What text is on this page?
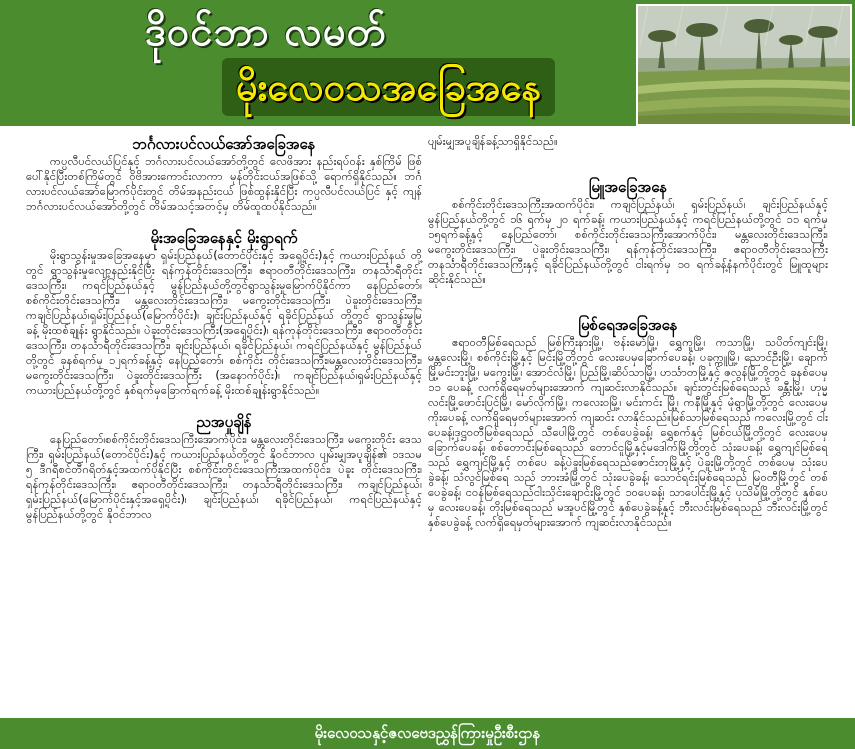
ဒိုဝင်ဘာ လမတ်
မိုးလေဝသအခြေအနေ
ဘင်္ဂလားပင်လယ်အော်အခြေအနေ

ကပ္ပလီပင်လယ်ပြင်နှင့် ဘင်္ဂလားပင်လယ်အော်တို့တွင် လေဖိအား နည်းရပ်ဝန်း နှစ်ကြိမ် ဖြစ်ပေါ်နိုင်ပြီးတစ်ကြိမ်တွင် ဝိုဗိအားကောင်းလာကာ မုန်တိုင်းငယ်အဖြစ်သို့ ရောက်ရှိနိုင်သည်။ ဘင်္ဂလားပင်လယ်အော်မြောက်ပိုင်းတွင် တိမ်အနည်းငယ် ဖြစ်ထွန်းနိုင်ပြီး ကပ္ပလီပင်လယ်ပြင် နှင့် ကျန်ဘင်္ဂလားပင်လယ်အော်တို့တွင် တိမ်အသင့်အတင့်မှ တိမ်ထူထပ်နိုင်သည်။

မိုးအခြေအနေနှင့် မိုးရွာရက်

မိုးရွာသွန်းမှုအခြေအနေမှာ ရှမ်းပြည်နယ်(တောင်ပိုင်းနှင့် အရှေ့ပိုင်း)နှင့် ကယားပြည်နယ် တို့တွင် ရွာသွန်းမှုလျော့နည်းနိုင်ပြီး ရန်ကုန်တိုင်းဒေသကြီး၊ ဧရာဝတီတိုင်းဒေသကြီး၊ တနင်္သာရီတိုင်းဒေသကြီး၊ ကရင်ပြည်နယ်နှင့် မွန်ပြည်နယ်တို့တွင်ရွာသွန်းမှုမြောက်ပိုနိုင်ကာ နေပြည်တော်၊ စစ်ကိုင်းတိုင်းဒေသကြီး၊ မန္တလေးတိုင်းဒေသကြီး၊ မကွေးတိုင်းဒေသကြီး၊ ပဲခူးတိုင်းဒေသကြီး၊ ကချင်ပြည်နယ်၊ရှမ်းပြည်နယ်(မြောက်ပိုင်း)၊ ချင်းပြည်နယ်နှင့် ရခိုင်ပြည်နယ် တို့တွင် ရွာသွန်းမှုမြခန့် မိုးထစ်ချုန်း ရွာနိုင်သည်။ ပဲခူးတိုင်းဒေသကြီး(အရှေ့ပိုင်း)၊ ရန်ကုန်တိုင်းဒေသကြီး၊ ဧရာဝတီတိုင်းဒေသကြီး၊ တနင်္သာရီတိုင်းဒေသကြီး၊ ချင်းပြည်နယ်၊ ရခိုင်ပြည်နယ်၊ ကရင်ပြည်နယ်နှင့် မွန်ပြည်နယ်တို့တွင် ခုနစ်ရက်မှ ၁၂ရက်ခန့်နှင့် နေပြည်တော်၊ စစ်ကိုင်း တိုင်းဒေသကြီး၊မန္တလေးတိုင်းဒေသကြီး၊ မကွေးတိုင်းဒေသကြီး၊ ပဲခူးတိုင်းဒေသကြီး (အနောက်ပိုင်း)၊ ကချင်ပြည်နယ်၊ရှမ်းပြည်နယ်နှင့် ကယားပြည်နယ်တို့တွင် နှစ်ရက်မှခြောက်ရက်ခန့် မိုးထစ်ချုန်းရွာနိုင်သည်။

ညအပူချိန်

နေပြည်တော်၊စစ်ကိုင်းတိုင်းဒေသကြီးအောက်ပိုင်း၊ မန္တလေးတိုင်းဒေသကြီး၊ မကွေးတိုင်း ဒေသကြီး၊ ရှမ်းပြည်နယ်(တောင်ပိုင်း)နှင့် ကယားပြည်နယ်တို့တွင် နိုဝင်ဘာလ ပျမ်းမျှအပူချိန်၏ ၁ဒသမ ၅ ဒီဂရီစင်တီဂရိတ်နှင့်အထက်ပိုနိုင်ပြီး စစ်ကိုင်းတိုင်းဒေသကြီးအထက်ပိုင်း၊ ပဲခူး တိုင်းဒေသကြီး၊ ရန်ကုန်တိုင်းဒေသကြီး၊ ဧရာဝတီတိုင်းဒေသကြီး၊ တနင်္သာရီတိုင်းဒေသကြီး၊ ကချင်ပြည်နယ်၊ ရှမ်းပြည်နယ်(မြောက်ပိုင်းနှင့်အရှေ့ပိုင်း)၊ ချင်းပြည်နယ်၊ ရခိုင်ပြည်နယ်၊ ကရင်ပြည်နယ်နှင့် မွန်ပြည်နယ်တို့တွင် နိုဝင်ဘာလ

ပျမ်းမျှအပူချိန်ခန့်သာရှိနိုင်သည်။

မြူအခြေအနေ

စစ်ကိုင်းတိုင်းဒေသကြီးအထက်ပိုင်း၊ ကချင်ပြည်နယ်၊ ရှမ်းပြည်နယ်၊ ချင်းပြည်နယ်နှင့် မွန်ပြည်နယ်တို့တွင် ၁၆ ရက်မှ ၂၀ ရက်ခန့်၊ ကယားပြည်နယ်နှင့် ကရင်ပြည်နယ်တို့တွင် ၁၁ ရက်မှ ၁၅ရက်ခန့်နှင့် နေပြည်တော်၊ စစ်ကိုင်းတိုင်းဒေသကြီးအောက်ပိုင်း၊ မန္တလေးတိုင်းဒေသကြီး၊ မကွေးတိုင်းဒေသကြီး၊ ပဲခူးတိုင်းဒေသကြီး၊ ရန်ကုန်တိုင်းဒေသကြီး၊ ဧရာဝတီတိုင်းဒေသကြီး တနင်္သာရီတိုင်းဒေသကြီးနှင့် ရခိုင်ပြည်နယ်တို့တွင် ငါးရက်မှ ၁၀ ရက်ခန့်နံနက်ပိုင်းတွင် မြူထူများ ဆိုင်းနိုင်သည်။

မြစ်ရေအခြေအနေ

ဧရာဝတီမြစ်ရေသည် မြစ်ကြီးနားမြို့၊ ဗန်းမော်မြို့၊ ရွှေကူမြို့၊ ကသာမြို့၊ သပိတ်ကျင်းမြို့၊ မန္တလေးမြို့၊ စစ်ကိုင်းမြို့နှင့် မြင်းမြို့တို့တွင် လေးပေမှခြောက်ပေခန့်၊ ပခုက္ကူမြို့၊ ညောင်ဦးမြို့၊ ချောက်မြို့မင်းဘူးမြို့၊ မကွေးမြို့၊ အောင်လံမြို့၊ ပြည်မြို့၊ဆိပ်သာမြို့၊ ဟင်္သာတမြို့နှင့် ဇလွန်မြို့တို့တွင် ခုနစ်ပေမှ ၁၁ ပေခန့် လက်ရှိရေမှတ်များအောက် ကျဆင်းလာနိုင်သည်။ ချင်းတွင်းမြစ်ရေသည် ခန္တီးမြို့၊ ဟုမ္မလင်းမြို့ဖောင်းပြင်မြို့၊ မော်လိုက်မြို့၊ ကလေးဝမြို့၊ မင်းကင်း မြို့၊ ကနီမြို့နှင့် မုံရွာမြို့တို့တွင် လေးပေမှ ကိုးပေခန့် လက်ရှိရေမှတ်များအောက် ကျဆင်း လာနိုင်သည်။မြစ်သာမြစ်ရေသည် ကလေးမြို့တွင် ငါးပေခန့်၊ဒုဋ္ဌဝတီမြစ်ရေသည် သီပေါမြို့တွင် တစ်ပေခွဲခန့်၊ ရွှေစက်နှင့် မြစ်ငယ်မြို့တို့တွင် လေးပေမှ ခြောက်ပေခန့်၊ စစ်တောင်းမြစ်ရေသည် တောင်ငူမြို့နှင့်မဒေါက်မြို့တို့တွင် သုံးပေခန့်၊ ရွှေကျင်မြစ်ရေသည် ရွှေကျင်မြို့နှင့် တစ်ပေ ခန့်ပဲခူးမြစ်ရေသည်ဇောင်းတုမြို့နှင့် ပဲခူးမြို့တို့တွင် တစ်ပေမှ သုံးပေခွဲခန့်၊ သံလွင်မြစ်ရေ သည် ဘားအံမြို့တွင် သုံးပေခွဲခန့်၊ သောင်ရင်းမြစ်ရေသည် မြဝတီမြို့တွင် တစ်ပေခွဲခန့်၊ ငဝန်မြစ်ရေသည်ငါးသိုင်းချောင်းမြို့တွင် ၁၀ပေခန့်၊ သာပေါင်းမြို့နှင့် ပုသိမ်မြို့တို့တွင် နှစ်ပေမှ လေးပေခန့်၊ တိုးမြစ်ရေသည် မအူပင်မြို့တွင် နှစ်ပေခွဲခန့်နှင့် ဘီးလင်းမြစ်ရေသည် ဘီးလင်းမြို့တွင်နှစ်ပေခွဲခန့် လက်ရှိရေမှတ်များအောက် ကျဆင်းလာနိုင်သည်။

မိုးလေဝသနှင့်ဇလဗေဒညွှန်ကြားမှုဦးစီးဌာန
